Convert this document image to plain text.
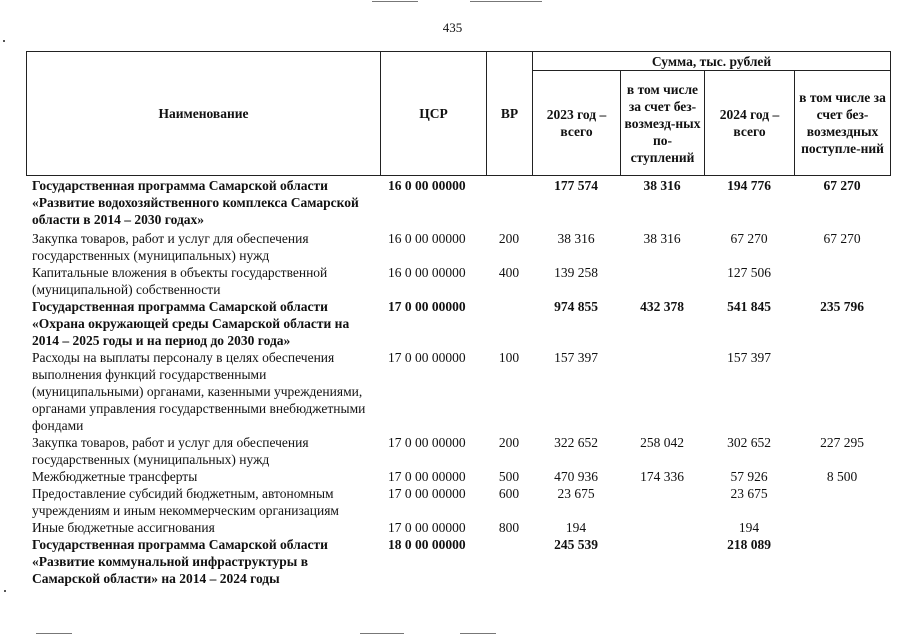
435
Наименование	ЦСР	ВР	Сумма, тыс. рублей			
			2023 год – всего	в том числе за счет без-возмезд-ных по-ступлений	2024 год – всего	в том числе за счет без-возмездных поступле-ний
Государственная программа Самарской области «Развитие водохозяйственного комплекса Самарской области в 2014 – 2030 годах»	16 0 00 00000		177 574	38 316	194 776	67 270
Закупка товаров, работ и услуг для обеспечения государственных (муниципальных) нужд	16 0 00 00000	200	38 316	38 316	67 270	67 270
Капитальные вложения в объекты государственной (муниципальной) собственности	16 0 00 00000	400	139 258		127 506	
Государственная программа Самарской области «Охрана окружающей среды Самарской области на 2014 – 2025 годы и на период до 2030 года»	17 0 00 00000		974 855	432 378	541 845	235 796
Расходы на выплаты персоналу в целях обеспечения выполнения функций государственными (муниципальными) органами, казенными учреждениями, органами управления государственными внебюджетными фондами	17 0 00 00000	100	157 397		157 397	
Закупка товаров, работ и услуг для обеспечения государственных (муниципальных) нужд	17 0 00 00000	200	322 652	258 042	302 652	227 295
Межбюджетные трансферты	17 0 00 00000	500	470 936	174 336	57 926	8 500
Предоставление субсидий бюджетным, автономным учреждениям и иным некоммерческим организациям	17 0 00 00000	600	23 675		23 675	
Иные бюджетные ассигнования	17 0 00 00000	800	194		194	
Государственная программа Самарской области «Развитие коммунальной инфраструктуры в Самарской области» на 2014 – 2024 годы	18 0 00 00000		245 539		218 089	
